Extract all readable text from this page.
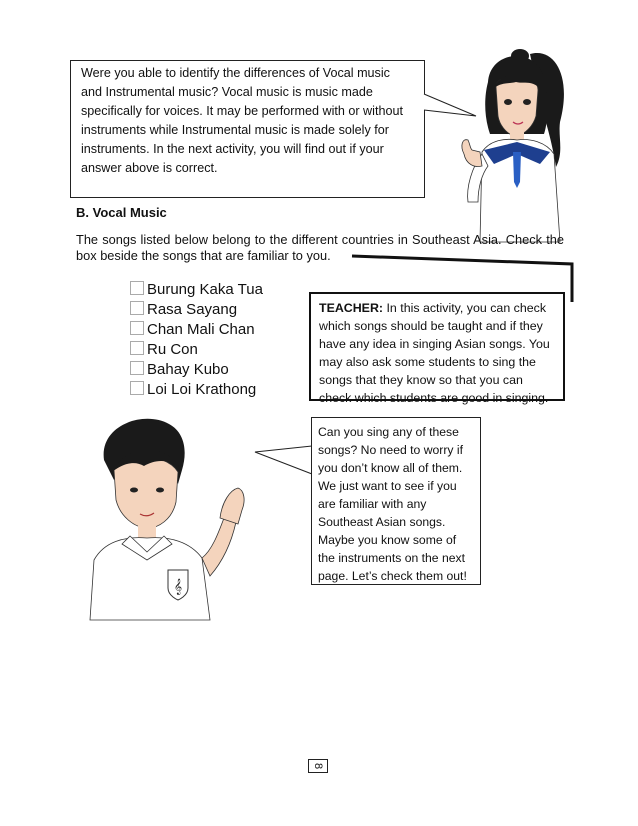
Were you able to identify the differences of Vocal music and Instrumental music? Vocal music is music made specifically for voices. It may be performed with or without instruments while Instrumental music is made solely for instruments. In the next activity, you will find out if your answer above is correct.
B. Vocal Music
The songs listed below belong to the different countries in Southeast Asia. Check the box beside the songs that are familiar to you.
Burung Kaka Tua
Rasa Sayang
Chan Mali Chan
Ru Con
Bahay Kubo
Loi Loi Krathong
TEACHER: In this activity, you can check which songs should be taught and if they have any idea in singing Asian songs. You may also ask some students to sing the songs that they know so that you can check which students are good in singing.
𝄞
Can you sing any of these songs? No need to worry if you don’t know all of them. We just want to see if you are familiar with any Southeast Asian songs. Maybe you know some of the instruments on the next page. Let’s check them out!
8
